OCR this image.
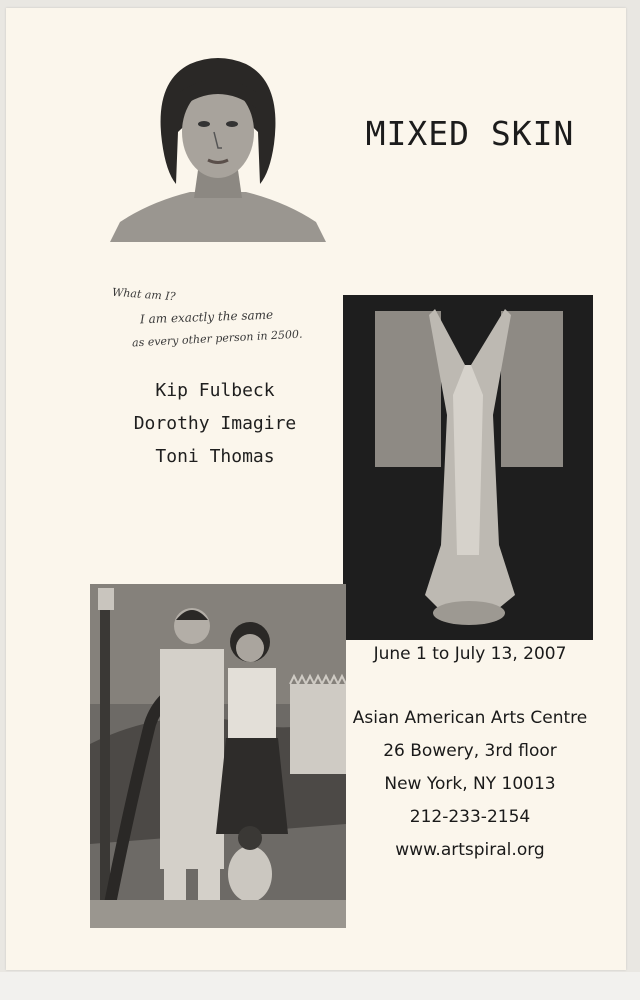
MIXED SKIN
What am I?
I am exactly the same
as every other person in 2500.
Kip Fulbeck
Dorothy Imagire
Toni Thomas
June 1 to July 13, 2007
Asian American Arts Centre
26 Bowery, 3rd floor
New York, NY 10013
212-233-2154
www.artspiral.org
